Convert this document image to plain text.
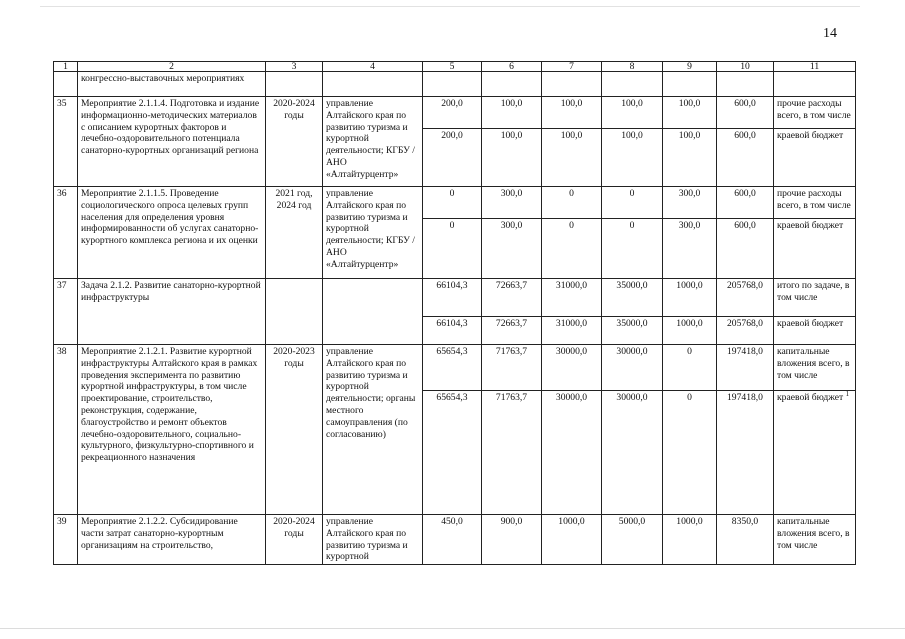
14
1	2	3	4	5	6	7	8	9	10	11
	конгрессно-выставочных мероприятиях									
35	Мероприятие 2.1.1.4. Подготовка и издание информационно-методических материалов с описанием курортных факторов и лечебно-оздоровительного потенциала санаторно-курортных организаций региона	2020-2024 годы	управление Алтайского края по развитию туризма и курортной деятельности; КГБУ / АНО «Алтайтурцентр»	200,0	100,0	100,0	100,0	100,0	600,0	прочие расходы всего, в том числе
				200,0	100,0	100,0	100,0	100,0	600,0	краевой бюджет
36	Мероприятие 2.1.1.5. Проведение социологического опроса целевых групп населения для определения уровня информированности об услугах санаторно-курортного комплекса региона и их оценки	2021 год, 2024 год	управление Алтайского края по развитию туризма и курортной деятельности; КГБУ / АНО «Алтайтурцентр»	0	300,0	0	0	300,0	600,0	прочие расходы всего, в том числе
				0	300,0	0	0	300,0	600,0	краевой бюджет
37	Задача 2.1.2. Развитие санаторно-курортной инфраструктуры			66104,3	72663,7	31000,0	35000,0	1000,0	205768,0	итого по задаче, в том числе
				66104,3	72663,7	31000,0	35000,0	1000,0	205768,0	краевой бюджет
38	Мероприятие 2.1.2.1. Развитие курортной инфраструктуры Алтайского края в рамках проведения эксперимента по развитию курортной инфраструктуры, в том числе проектирование, строительство, реконструкция, содержание, благоустройство и ремонт объектов лечебно-оздоровительного, социально-культурного, физкультурно-спортивного и рекреационного назначения	2020-2023 годы	управление Алтайского края по развитию туризма и курортной деятельности; органы местного самоуправления (по согласованию)	65654,3	71763,7	30000,0	30000,0	0	197418,0	капитальные вложения всего, в том числе
				65654,3	71763,7	30000,0	30000,0	0	197418,0	краевой бюджет $^1$
39	Мероприятие 2.1.2.2. Субсидирование части затрат санаторно-курортным организациям на строительство,	2020-2024 годы	управление Алтайского края по развитию туризма и курортной	450,0	900,0	1000,0	5000,0	1000,0	8350,0	капитальные вложения всего, в том числе
